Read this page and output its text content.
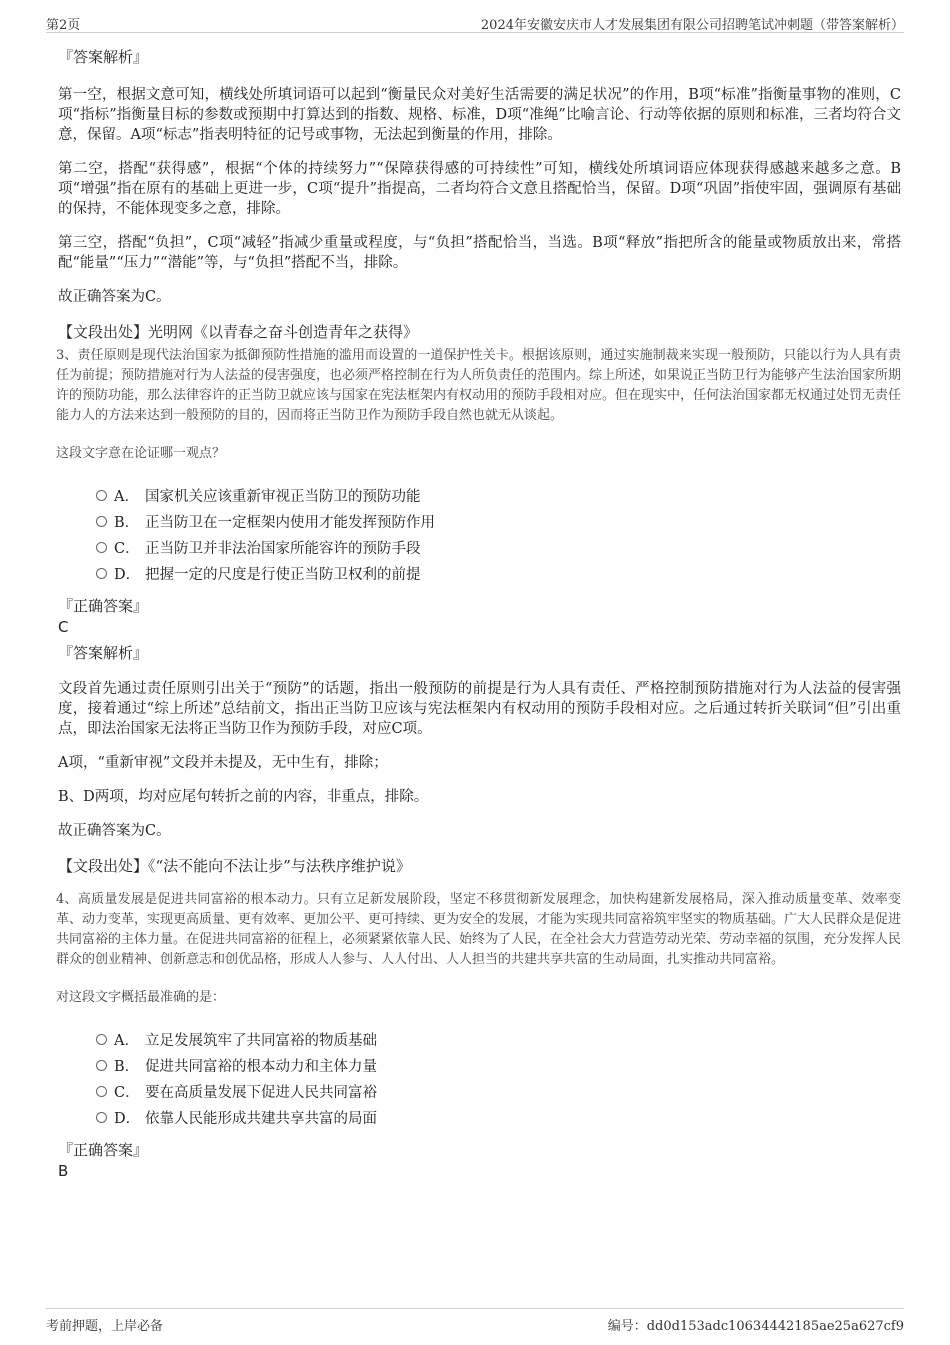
第2页	2024年安徽安庆市人才发展集团有限公司招聘笔试冲刺题（带答案解析）
『答案解析』

第一空，根据文意可知，横线处所填词语可以起到“衡量民众对美好生活需要的满足状况”的作用，B项“标准”指衡量事物的准则，C项“指标”指衡量目标的参数或预期中打算达到的指数、规格、标准，D项“准绳”比喻言论、行动等依据的原则和标准，三者均符合文意，保留。A项“标志”指表明特征的记号或事物，无法起到衡量的作用，排除。

第二空，搭配“获得感”，根据“个体的持续努力”“保障获得感的可持续性”可知，横线处所填词语应体现获得感越来越多之意。B项“增强”指在原有的基础上更进一步，C项“提升”指提高，二者均符合文意且搭配恰当，保留。D项“巩固”指使牢固，强调原有基础的保持，不能体现变多之意，排除。

第三空，搭配“负担”，C项“减轻”指减少重量或程度，与“负担”搭配恰当，当选。B项“释放”指把所含的能量或物质放出来，常搭配“能量”“压力”“潜能”等，与“负担”搭配不当，排除。

故正确答案为C。

【文段出处】光明网《以青春之奋斗创造青年之获得》

3、责任原则是现代法治国家为抵御预防性措施的滥用而设置的一道保护性关卡。根据该原则，通过实施制裁来实现一般预防，只能以行为人具有责任为前提；预防措施对行为人法益的侵害强度，也必须严格控制在行为人所负责任的范围内。综上所述，如果说正当防卫行为能够产生法治国家所期许的预防功能，那么法律容许的正当防卫就应该与国家在宪法框架内有权动用的预防手段相对应。但在现实中，任何法治国家都无权通过处罚无责任能力人的方法来达到一般预防的目的，因而将正当防卫作为预防手段自然也就无从谈起。

这段文字意在论证哪一观点？

A． 国家机关应该重新审视正当防卫的预防功能
B． 正当防卫在一定框架内使用才能发挥预防作用
C． 正当防卫并非法治国家所能容许的预防手段
D． 把握一定的尺度是行使正当防卫权利的前提
『正确答案』
C
『答案解析』

文段首先通过责任原则引出关于“预防”的话题，指出一般预防的前提是行为人具有责任、严格控制预防措施对行为人法益的侵害强度，接着通过“综上所述”总结前文，指出正当防卫应该与宪法框架内有权动用的预防手段相对应。之后通过转折关联词“但”引出重点，即法治国家无法将正当防卫作为预防手段，对应C项。

A项，“重新审视”文段并未提及，无中生有，排除；

B、D两项，均对应尾句转折之前的内容，非重点，排除。

故正确答案为C。

【文段出处】《“法不能向不法让步”与法秩序维护说》

4、高质量发展是促进共同富裕的根本动力。只有立足新发展阶段，坚定不移贯彻新发展理念，加快构建新发展格局，深入推动质量变革、效率变革、动力变革，实现更高质量、更有效率、更加公平、更可持续、更为安全的发展，才能为实现共同富裕筑牢坚实的物质基础。广大人民群众是促进共同富裕的主体力量。在促进共同富裕的征程上，必须紧紧依靠人民、始终为了人民，在全社会大力营造劳动光荣、劳动幸福的氛围，充分发挥人民群众的创业精神、创新意志和创优品格，形成人人参与、人人付出、人人担当的共建共享共富的生动局面，扎实推动共同富裕。

对这段文字概括最准确的是：

A． 立足发展筑牢了共同富裕的物质基础
B． 促进共同富裕的根本动力和主体力量
C． 要在高质量发展下促进人民共同富裕
D． 依靠人民能形成共建共享共富的局面
『正确答案』
B
考前押题，上岸必备	编号：dd0d153adc10634442185ae25a627cf9
